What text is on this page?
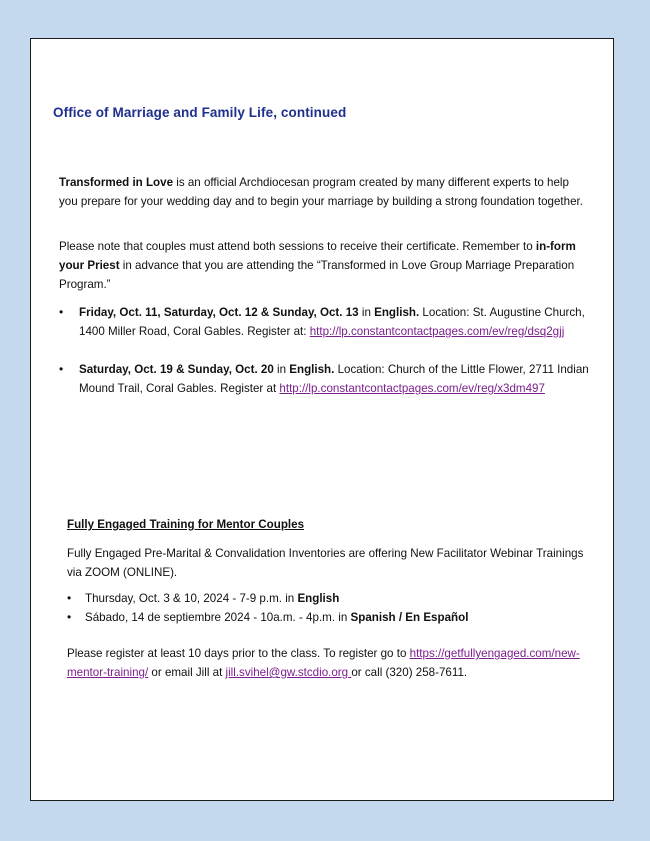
Office of Marriage and Family Life, continued

Transformed in Love is an official Archdiocesan program created by many different experts to help you prepare for your wedding day and to begin your marriage by building a strong foundation together.

Please note that couples must attend both sessions to receive their certificate. Remember to in-form your Priest in advance that you are attending the “Transformed in Love Group Marriage Preparation Program.”

• Friday, Oct. 11, Saturday, Oct. 12 & Sunday, Oct. 13 in English. Location: St. Augustine Church, 1400 Miller Road, Coral Gables. Register at: http://lp.constantcontactpages.com/ev/reg/dsq2gjj
• Saturday, Oct. 19 & Sunday, Oct. 20 in English. Location: Church of the Little Flower, 2711 Indian Mound Trail, Coral Gables. Register at http://lp.constantcontactpages.com/ev/reg/x3dm497
Fully Engaged Training for Mentor Couples

Fully Engaged Pre-Marital & Convalidation Inventories are offering New Facilitator Webinar Trainings via ZOOM (ONLINE).

• Thursday, Oct. 3 & 10, 2024 - 7-9 p.m. in English
• Sábado, 14 de septiembre 2024 - 10a.m. - 4p.m. in Spanish / En Español

Please register at least 10 days prior to the class. To register go to https://getfullyengaged.com/new-mentor-training/ or email Jill at jill.svihel@gw.stcdio.org or call (320) 258-7611.
